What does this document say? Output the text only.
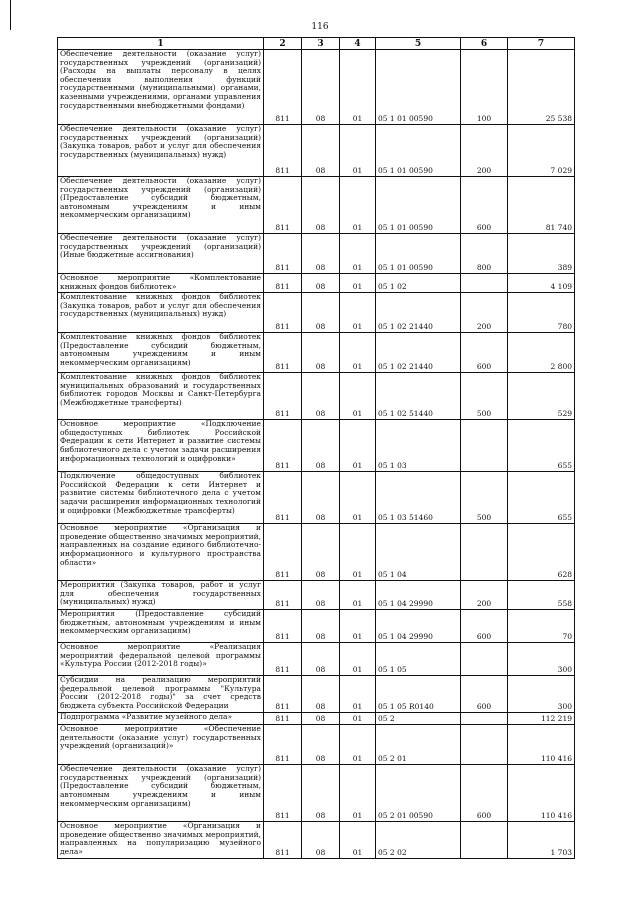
116
1	2	3	4	5	6	7
Обеспечение деятельности (оказание услуг) государственных учреждений (организаций) (Расходы на выплаты персоналу в целях обеспечения выполнения функций государственными (муниципальными) органами, казенными учреждениями, органами управления государственными внебюджетными фондами)	811	08	01	05 1 01 00590	100	25 538
Обеспечение деятельности (оказание услуг) государственных учреждений (организаций) (Закупка товаров, работ и услуг для обеспечения государственных (муниципальных) нужд)	811	08	01	05 1 01 00590	200	7 029
Обеспечение деятельности (оказание услуг) государственных учреждений (организаций) (Предоставление субсидий бюджетным, автономным учреждениям и иным некоммерческим организациям)	811	08	01	05 1 01 00590	600	81 740
Обеспечение деятельности (оказание услуг) государственных учреждений (организаций) (Иные бюджетные ассигнования)	811	08	01	05 1 01 00590	800	389
Основное мероприятие «Комплектование книжных фондов библиотек»	811	08	01	05 1 02		4 109
Комплектование книжных фондов библиотек (Закупка товаров, работ и услуг для обеспечения государственных (муниципальных) нужд)	811	08	01	05 1 02 21440	200	780
Комплектование книжных фондов библиотек (Предоставление субсидий бюджетным, автономным учреждениям и иным некоммерческим организациям)	811	08	01	05 1 02 21440	600	2 800
Комплектование книжных фондов библиотек муниципальных образований и государственных библиотек городов Москвы и Санкт-Петербурга (Межбюджетные трансферты)	811	08	01	05 1 02 51440	500	529
Основное мероприятие «Подключение общедоступных библиотек Российской Федерации к сети Интернет и развитие системы библиотечного дела с учетом задачи расширения информационных технологий и оцифровки»	811	08	01	05 1 03		655
Подключение общедоступных библиотек Российской Федерации к сети Интернет и развитие системы библиотечного дела с учетом задачи расширения информационных технологий и оцифровки (Межбюджетные трансферты)	811	08	01	05 1 03 51460	500	655
Основное мероприятие «Организация и проведение общественно значимых мероприятий, направленных на создание единого библиотечно-информационного и культурного пространства области»	811	08	01	05 1 04		628
Мероприятия (Закупка товаров, работ и услуг для обеспечения государственных (муниципальных) нужд)	811	08	01	05 1 04 29990	200	558
Мероприятия (Предоставление субсидий бюджетным, автономным учреждениям и иным некоммерческим организациям)	811	08	01	05 1 04 29990	600	70
Основное мероприятие «Реализация мероприятий федеральной целевой программы «Культура России (2012-2018 годы)»	811	08	01	05 1 05		300
Субсидии на реализацию мероприятий федеральной целевой программы "Культура России (2012-2018 годы)" за счет средств бюджета субъекта Российской Федерации	811	08	01	05 1 05 R0140	600	300
Подпрограмма «Развитие музейного дела»	811	08	01	05 2		112 219
Основное мероприятие «Обеспечение деятельности (оказание услуг) государственных учреждений (организаций)»	811	08	01	05 2 01		110 416
Обеспечение деятельности (оказание услуг) государственных учреждений (организаций) (Предоставление субсидий бюджетным, автономным учреждениям и иным некоммерческим организациям)	811	08	01	05 2 01 00590	600	110 416
Основное мероприятие «Организация и проведение общественно значимых мероприятий, направленных на популяризацию музейного дела»	811	08	01	05 2 02		1 703
